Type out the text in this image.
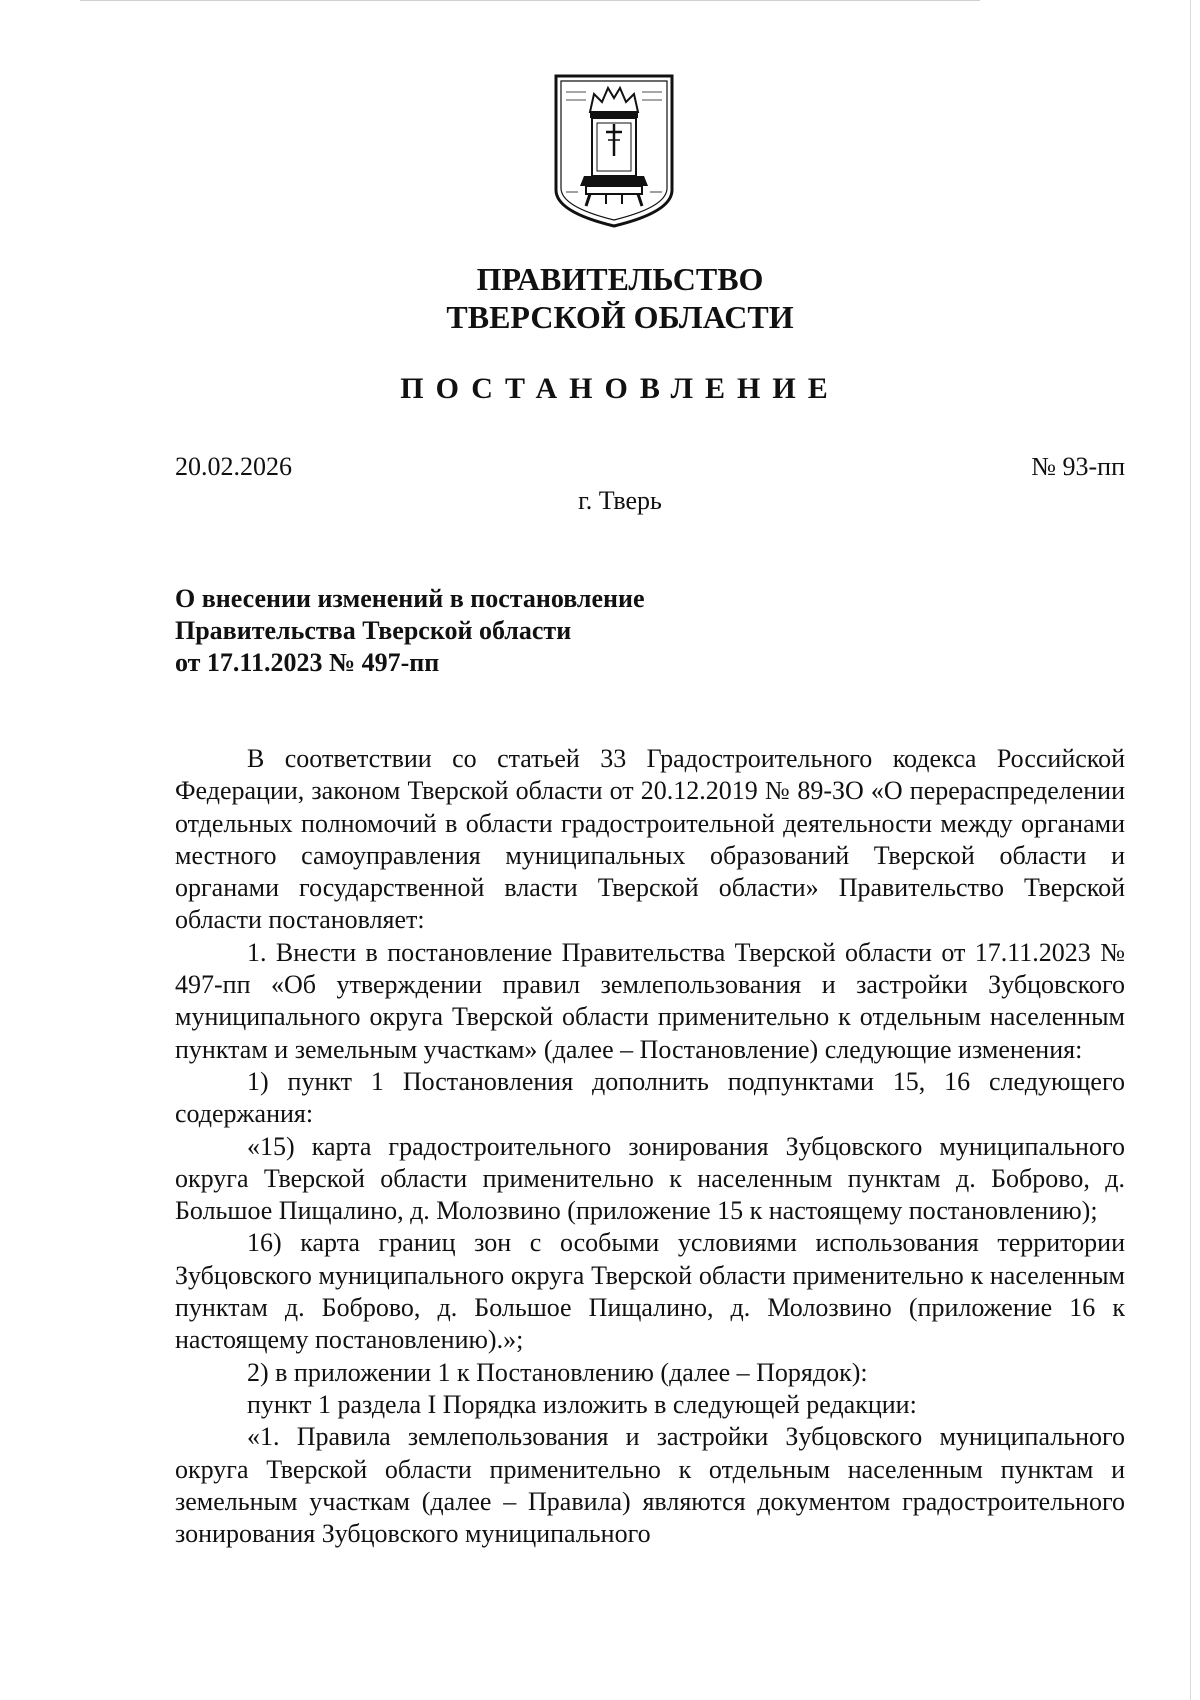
ПРАВИТЕЛЬСТВО
ТВЕРСКОЙ ОБЛАСТИ
ПОСТАНОВЛЕНИЕ
20.02.2026	№ 93-пп
г. Тверь
О внесении изменений в постановление
Правительства Тверской области
от 17.11.2023 № 497-пп

В соответствии со статьей 33 Градостроительного кодекса Российской Федерации, законом Тверской области от 20.12.2019 № 89-ЗО «О перераспределении отдельных полномочий в области градостроительной деятельности между органами местного самоуправления муниципальных образований Тверской области и органами государственной власти Тверской области» Правительство Тверской области постановляет:

1. Внести в постановление Правительства Тверской области от 17.11.2023 № 497-пп «Об утверждении правил землепользования и застройки Зубцовского муниципального округа Тверской области применительно к отдельным населенным пунктам и земельным участкам» (далее – Постановление) следующие изменения:

1) пункт 1 Постановления дополнить подпунктами 15, 16 следующего содержания:

«15) карта градостроительного зонирования Зубцовского муниципального округа Тверской области применительно к населенным пунктам д. Боброво, д. Большое Пищалино, д. Молозвино (приложение 15 к настоящему постановлению);

16) карта границ зон с особыми условиями использования территории Зубцовского муниципального округа Тверской области применительно к населенным пунктам д. Боброво, д. Большое Пищалино, д. Молозвино (приложение 16 к настоящему постановлению).»;

2) в приложении 1 к Постановлению (далее – Порядок):

пункт 1 раздела I Порядка изложить в следующей редакции:

«1. Правила землепользования и застройки Зубцовского муниципального округа Тверской области применительно к отдельным населенным пунктам и земельным участкам (далее – Правила) являются документом градостроительного зонирования Зубцовского муниципального
